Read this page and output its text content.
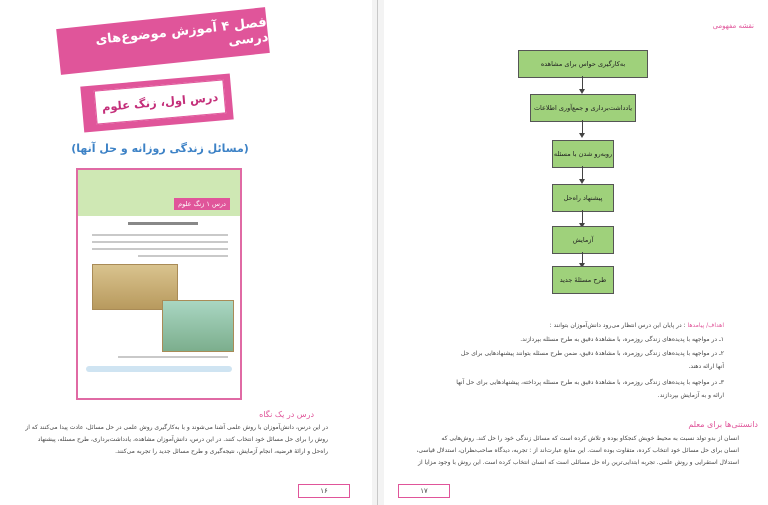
فصل ۴ آموزش موضوع‌های درسی
درس اول، زنگ علوم
(مسائل زندگی روزانه و حل آنها)
درس ۱ زنگ علوم
درس در یک نگاه
در این درس، دانش‌آموزان با روش علمی آشنا می‌شوند و با به‌کارگیری روش علمی در حل مسائل، عادت پیدا می‌کنند که از
روش را برای حل مسائل خود انتخاب کنند. در این درس، دانش‌آموزان مشاهده، یادداشت‌برداری، طرح مسئله، پیشنهاد
راه‌حل و ارائهٔ فرضیه، انجام آزمایش، نتیجه‌گیری و طرح مسائل جدید را تجربه می‌کنند.
۱۶
نقشه مفهومی
به‌کارگیری حواس برای مشاهده
یادداشت‌برداری و جمع‌آوری اطلاعات
روبه‌رو شدن با مسئله
پیشنهاد راه‌حل
آزمایش
طرح مسئلهٔ جدید
اهداف/ پیامدها : در پایان این درس انتظار می‌رود دانش‌آموزان بتوانند :
۱ـ در مواجهه با پدیده‌های زندگی روزمره، با مشاهدهٔ دقیق به طرح مسئله بپردازند.
۲ـ در مواجهه با پدیده‌های زندگی روزمره، با مشاهدهٔ دقیق، ضمن طرح مسئله بتوانند پیشنهادهایی برای حل
آنها ارائه دهند.
۳ـ در مواجهه با پدیده‌های زندگی روزمره، با مشاهدهٔ دقیق به طرح مسئله پرداخته، پیشنهادهایی برای حل آنها
ارائه و به آزمایش بپردازند.
دانستنی‌ها برای معلم
انسان از بدو تولد نسبت به محیط خویش کنجکاو بوده و تلاش کرده است که مسائل زندگی خود را حل کند. روش‌هایی که
انسان برای حل مسائل خود انتخاب کرده، متفاوت بوده است. این منابع عبارت‌اند از : تجربه، دیدگاه صاحب‌نظران، استدلال قیاسی،
استدلال استقرایی و روش علمی. تجربه ابتدایی‌ترین راه حل مسائلی است که انسان انتخاب کرده است. این روش با وجود مزایا از
۱۷
